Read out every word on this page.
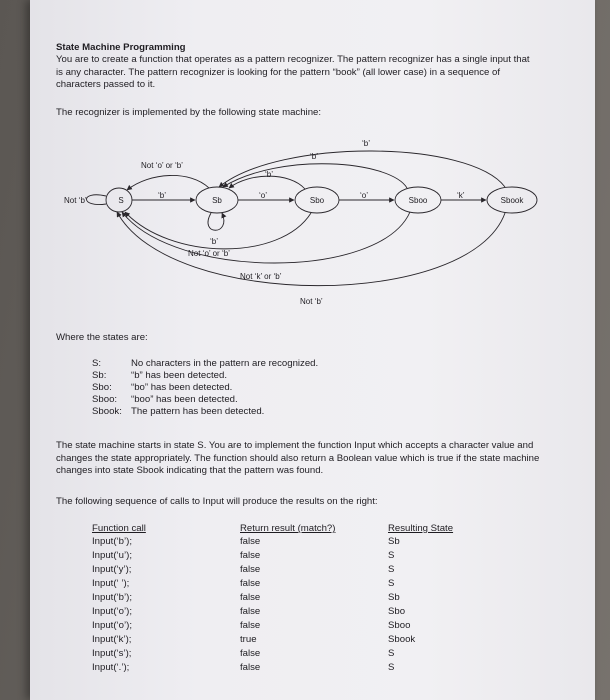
State Machine Programming
You are to create a function that operates as a pattern recognizer. The pattern recognizer has a single input that is any character. The pattern recognizer is looking for the pattern “book” (all lower case) in a sequence of characters passed to it.
The recognizer is implemented by the following state machine:
S	Sb	Sbo	Sboo	Sbook
Not ‘b’
‘b’	‘o’	‘o’	‘k’
Not ‘o’ or ‘b’
‘b’
‘b’
‘b’
‘b’
Not ‘o’ or ‘b’
Not ‘k’ or ‘b’
Not ‘b’
Where the states are:
S:	No characters in the pattern are recognized.
Sb:	“b” has been detected.
Sbo: “bo” has been detected.
Sboo: “boo” has been detected.
Sbook: The pattern has been detected.
The state machine starts in state S. You are to implement the function Input which accepts a character value and changes the state appropriately. The function should also return a Boolean value which is true if the state machine changes into state Sbook indicating that the pattern was found.
The following sequence of calls to Input will produce the results on the right:
Function call	Return result (match?)	Resulting State
Input(‘b’);	false	Sb
Input(‘u’);	false	S
Input(‘y’);	false	S
Input(‘ ’);	false	S
Input(‘b’);	false	Sb
Input(‘o’);	false	Sbo
Input(‘o’);	false	Sboo
Input(‘k’);	true	Sbook
Input(‘s’);	false	S
Input(‘.’);	false	S
